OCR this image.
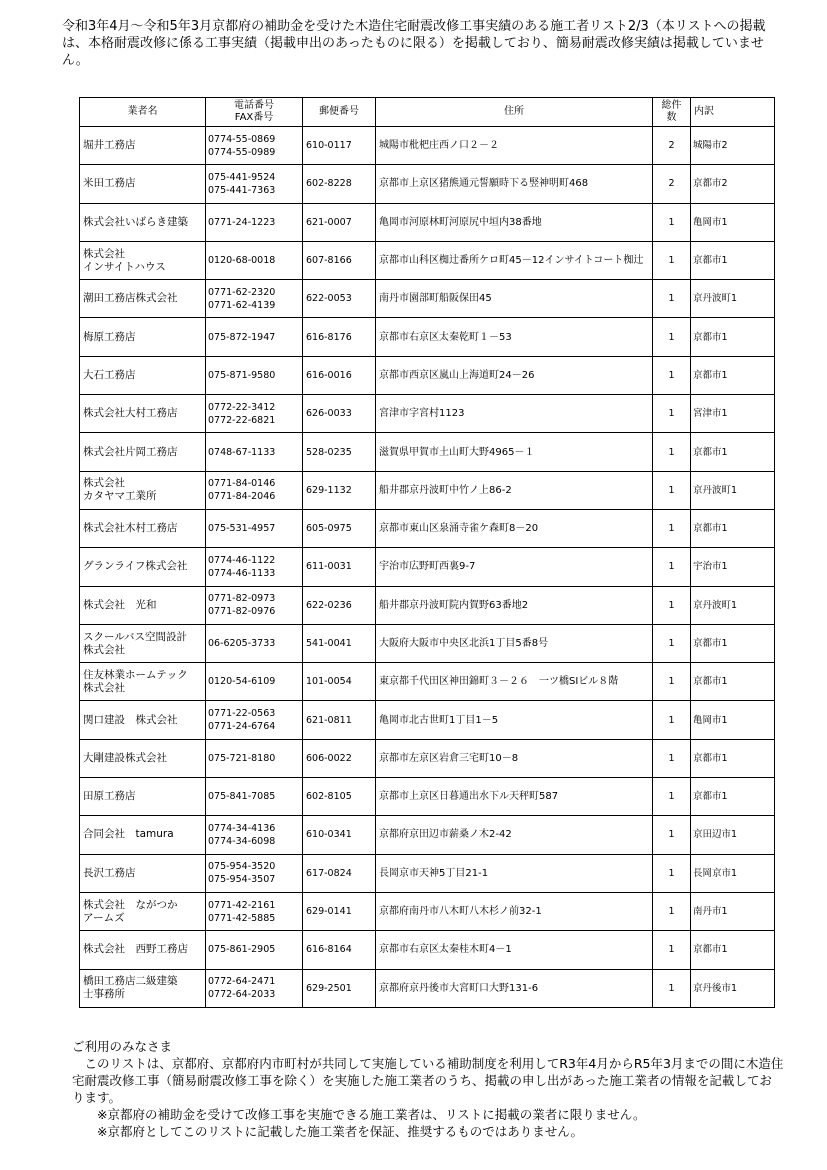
令和3年4月～令和5年3月京都府の補助金を受けた木造住宅耐震改修工事実績のある施工者リスト2/3（本リストへの掲載は、本格耐震改修に係る工事実績（掲載申出のあったものに限る）を掲載しており、簡易耐震改修実績は掲載していません。
業者名	電話番号
FAX番号	郵便番号	住所	総件
数	内訳

堀井工務店	0774-55-0869
0774-55-0989	610-0117	城陽市枇杷庄西ノ口２－２	2	城陽市2

米田工務店	075-441-9524
075-441-7363	602-8228	京都市上京区猪熊通元誓願時下る竪神明町468	2	京都市2

株式会社いばらき建築	0771-24-1223	621-0007	亀岡市河原林町河原尻中垣内38番地	1	亀岡市1

株式会社
インサイトハウス	0120-68-0018	607-8166	京都市山科区椥辻番所ケロ町45－12インサイトコート椥辻	1	京都市1

潮田工務店株式会社	0771-62-2320
0771-62-4139	622-0053	南丹市園部町船阪保田45	1	京丹波町1

梅原工務店	075-872-1947	616-8176	京都市右京区太秦乾町１－53	1	京都市1

大石工務店	075-871-9580	616-0016	京都市西京区嵐山上海道町24－26	1	京都市1

株式会社大村工務店	0772-22-3412
0772-22-6821	626-0033	宮津市字宮村1123	1	宮津市1

株式会社片岡工務店	0748-67-1133	528-0235	滋賀県甲賀市土山町大野4965－１	1	京都市1

株式会社
カタヤマ工業所	0771-84-0146
0771-84-2046	629-1132	船井郡京丹波町中竹ノ上86-2	1	京丹波町1

株式会社木村工務店	075-531-4957	605-0975	京都市東山区泉涌寺雀ケ森町8－20	1	京都市1

グランライフ株式会社	0774-46-1122
0774-46-1133	611-0031	宇治市広野町西裏9-7	1	宇治市1

株式会社　光和	0771-82-0973
0771-82-0976	622-0236	船井郡京丹波町院内賀野63番地2	1	京丹波町1

スクールバス空間設計
株式会社	06-6205-3733	541-0041	大阪府大阪市中央区北浜1丁目5番8号	1	京都市1

住友林業ホームテック
株式会社	0120-54-6109	101-0054	東京都千代田区神田錦町３－２６　一ツ橋SIビル８階	1	京都市1

関口建設　株式会社	0771-22-0563
0771-24-6764	621-0811	亀岡市北古世町1丁目1－5	1	亀岡市1

大剛建設株式会社	075-721-8180	606-0022	京都市左京区岩倉三宅町10－8	1	京都市1

田原工務店	075-841-7085	602-8105	京都市上京区日暮通出水下ル天秤町587	1	京都市1

合同会社　tamura	0774-34-4136
0774-34-6098	610-0341	京都府京田辺市薪桑ノ木2-42	1	京田辺市1

長沢工務店	075-954-3520
075-954-3507	617-0824	長岡京市天神5丁目21-1	1	長岡京市1

株式会社　ながつか
アームズ	0771-42-2161
0771-42-5885	629-0141	京都府南丹市八木町八木杉ノ前32-1	1	南丹市1

株式会社　西野工務店	075-861-2905	616-8164	京都市右京区太秦桂木町4－1	1	京都市1

橋田工務店二級建築
士事務所	0772-64-2471
0772-64-2033	629-2501	京都府京丹後市大宮町口大野131-6	1	京丹後市1

ご利用のみなさま

このリストは、京都府、京都府内市町村が共同して実施している補助制度を利用してR3年4月からR5年3月までの間に木造住宅耐震改修工事（簡易耐震改修工事を除く）を実施した施工業者のうち、掲載の申し出があった施工業者の情報を記載しております。

※京都府の補助金を受けて改修工事を実施できる施工業者は、リストに掲載の業者に限りません。

※京都府としてこのリストに記載した施工業者を保証、推奨するものではありません。
